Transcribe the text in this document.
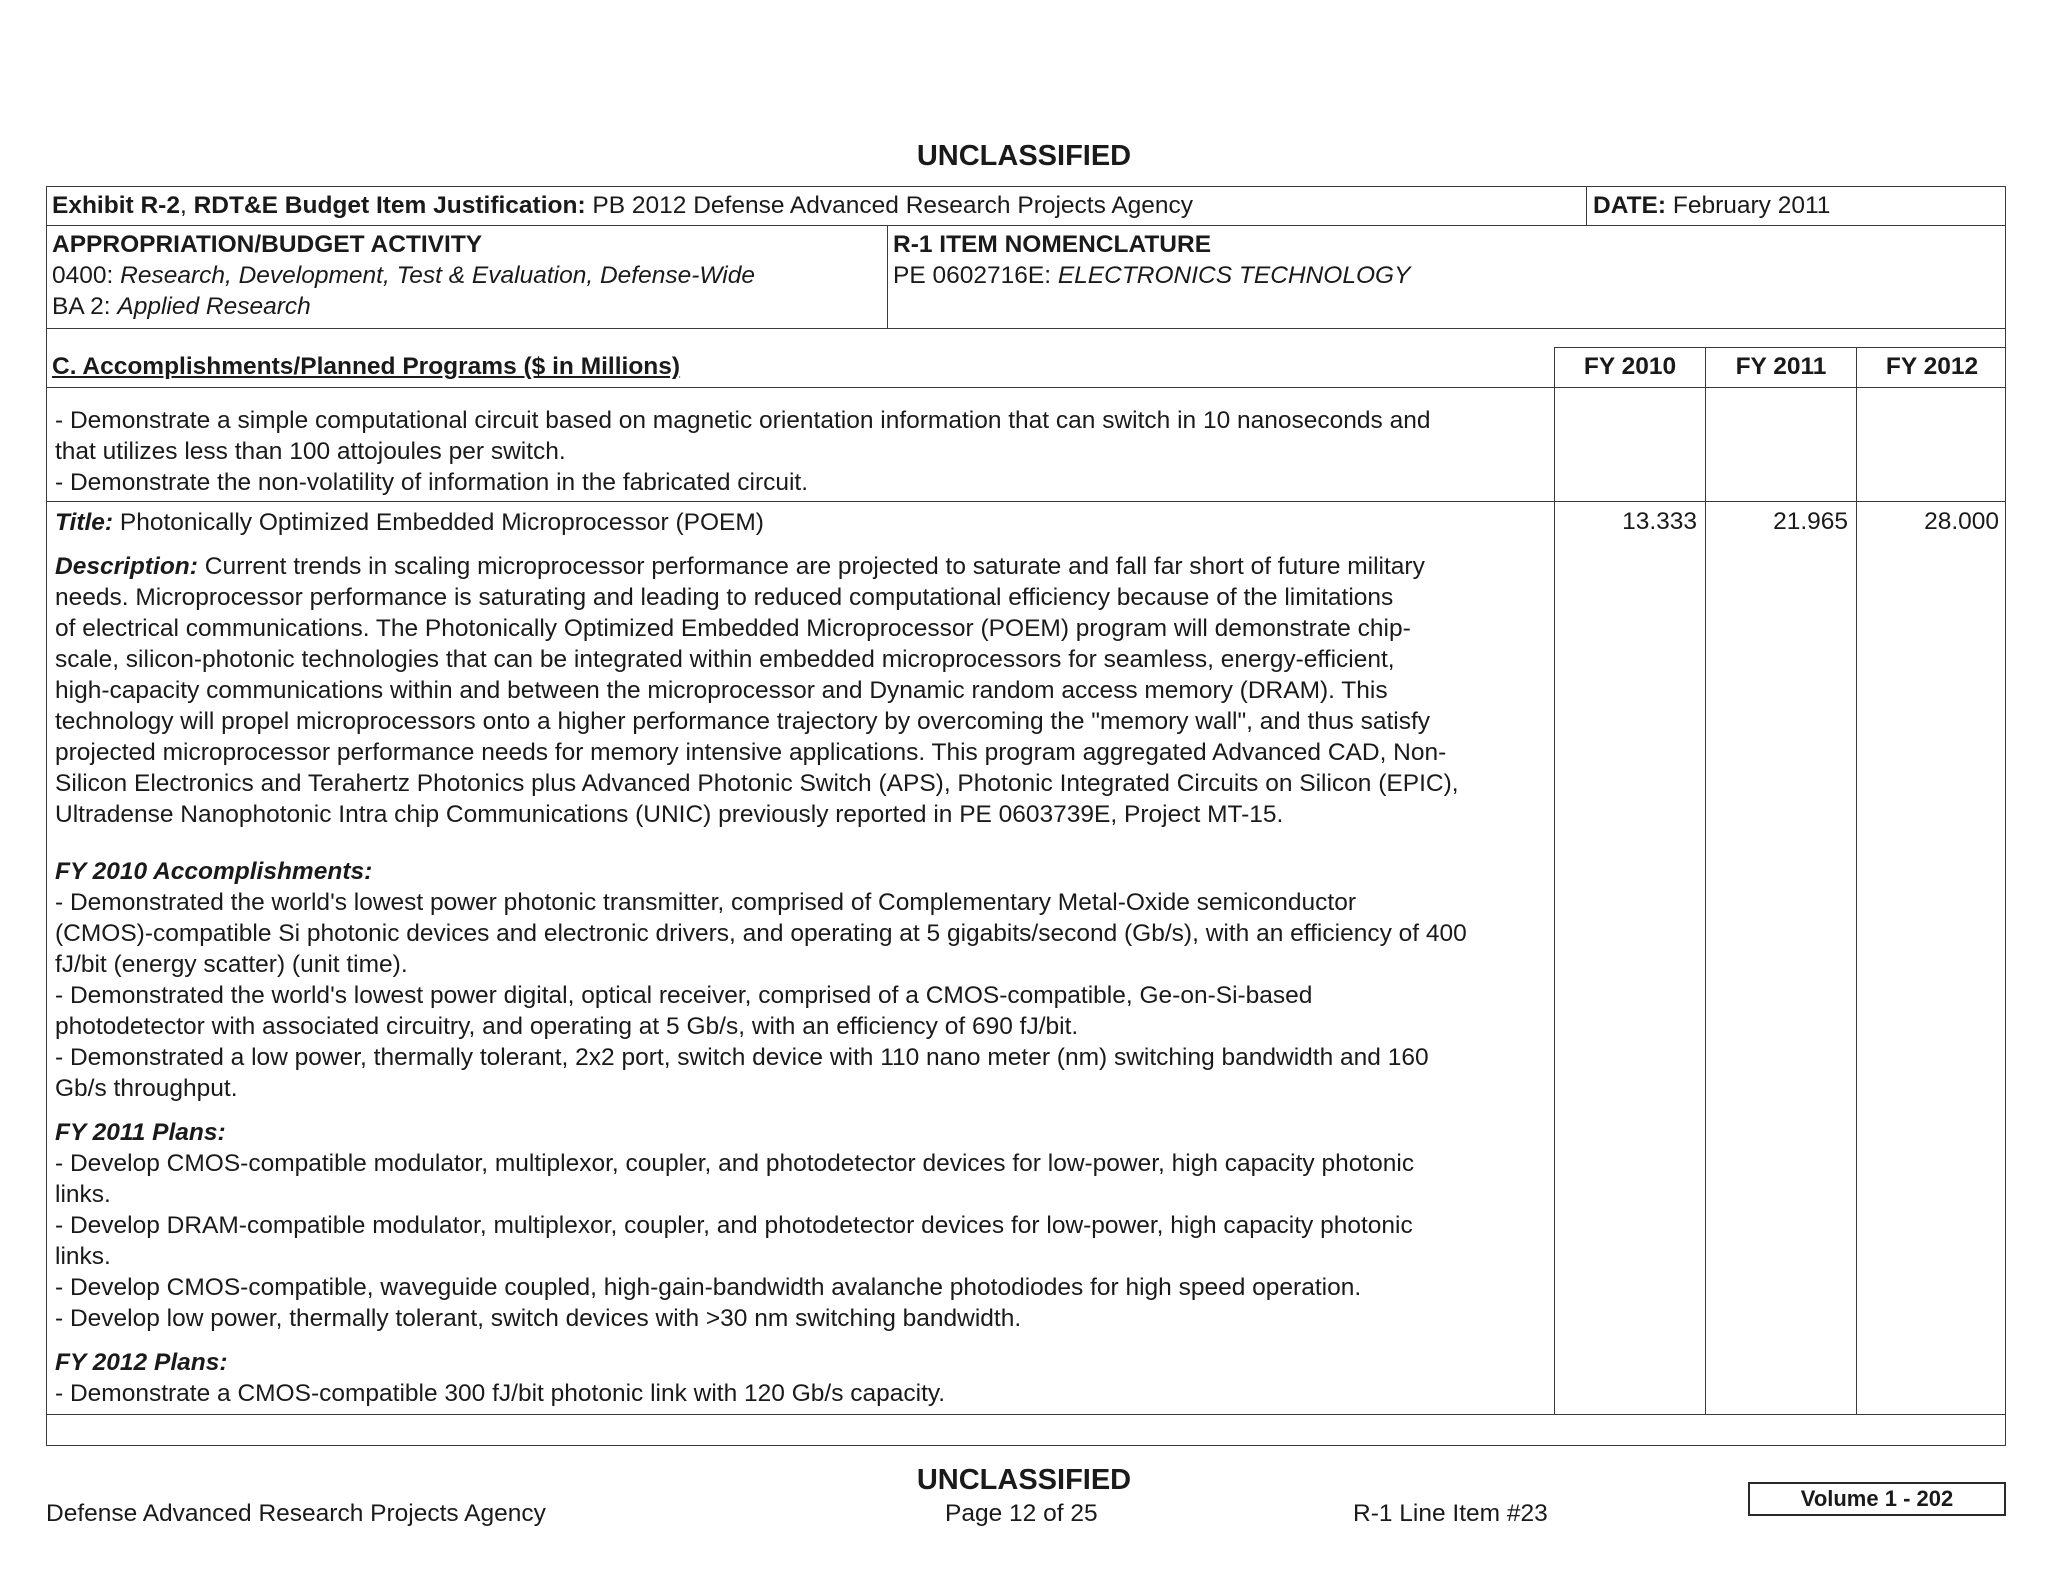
UNCLASSIFIED
Exhibit R-2, RDT&E Budget Item Justification: PB 2012 Defense Advanced Research Projects Agency	DATE: February 2011
APPROPRIATION/BUDGET ACTIVITY
0400: Research, Development, Test & Evaluation, Defense-Wide
BA 2: Applied Research
R-1 ITEM NOMENCLATURE
PE 0602716E: ELECTRONICS TECHNOLOGY
C. Accomplishments/Planned Programs ($ in Millions)	FY 2010	FY 2011	FY 2012
- Demonstrate a simple computational circuit based on magnetic orientation information that can switch in 10 nanoseconds and
that utilizes less than 100 attojoules per switch.
- Demonstrate the non-volatility of information in the fabricated circuit.
Title: Photonically Optimized Embedded Microprocessor (POEM)	13.333	21.965	28.000
Description: Current trends in scaling microprocessor performance are projected to saturate and fall far short of future military
needs. Microprocessor performance is saturating and leading to reduced computational efficiency because of the limitations
of electrical communications. The Photonically Optimized Embedded Microprocessor (POEM) program will demonstrate chip-
scale, silicon-photonic technologies that can be integrated within embedded microprocessors for seamless, energy-efficient,
high-capacity communications within and between the microprocessor and Dynamic random access memory (DRAM). This
technology will propel microprocessors onto a higher performance trajectory by overcoming the "memory wall", and thus satisfy
projected microprocessor performance needs for memory intensive applications. This program aggregated Advanced CAD, Non-
Silicon Electronics and Terahertz Photonics plus Advanced Photonic Switch (APS), Photonic Integrated Circuits on Silicon (EPIC),
Ultradense Nanophotonic Intra chip Communications (UNIC) previously reported in PE 0603739E, Project MT-15.
FY 2010 Accomplishments:
- Demonstrated the world's lowest power photonic transmitter, comprised of Complementary Metal-Oxide semiconductor
(CMOS)-compatible Si photonic devices and electronic drivers, and operating at 5 gigabits/second (Gb/s), with an efficiency of 400
fJ/bit (energy scatter) (unit time).
- Demonstrated the world's lowest power digital, optical receiver, comprised of a CMOS-compatible, Ge-on-Si-based
photodetector with associated circuitry, and operating at 5 Gb/s, with an efficiency of 690 fJ/bit.
- Demonstrated a low power, thermally tolerant, 2x2 port, switch device with 110 nano meter (nm) switching bandwidth and 160
Gb/s throughput.
FY 2011 Plans:
- Develop CMOS-compatible modulator, multiplexor, coupler, and photodetector devices for low-power, high capacity photonic
links.
- Develop DRAM-compatible modulator, multiplexor, coupler, and photodetector devices for low-power, high capacity photonic
links.
- Develop CMOS-compatible, waveguide coupled, high-gain-bandwidth avalanche photodiodes for high speed operation.
- Develop low power, thermally tolerant, switch devices with >30 nm switching bandwidth.
FY 2012 Plans:
- Demonstrate a CMOS-compatible 300 fJ/bit photonic link with 120 Gb/s capacity.
UNCLASSIFIED
Defense Advanced Research Projects Agency	Page 12 of 25	R-1 Line Item #23
Volume 1 - 202
